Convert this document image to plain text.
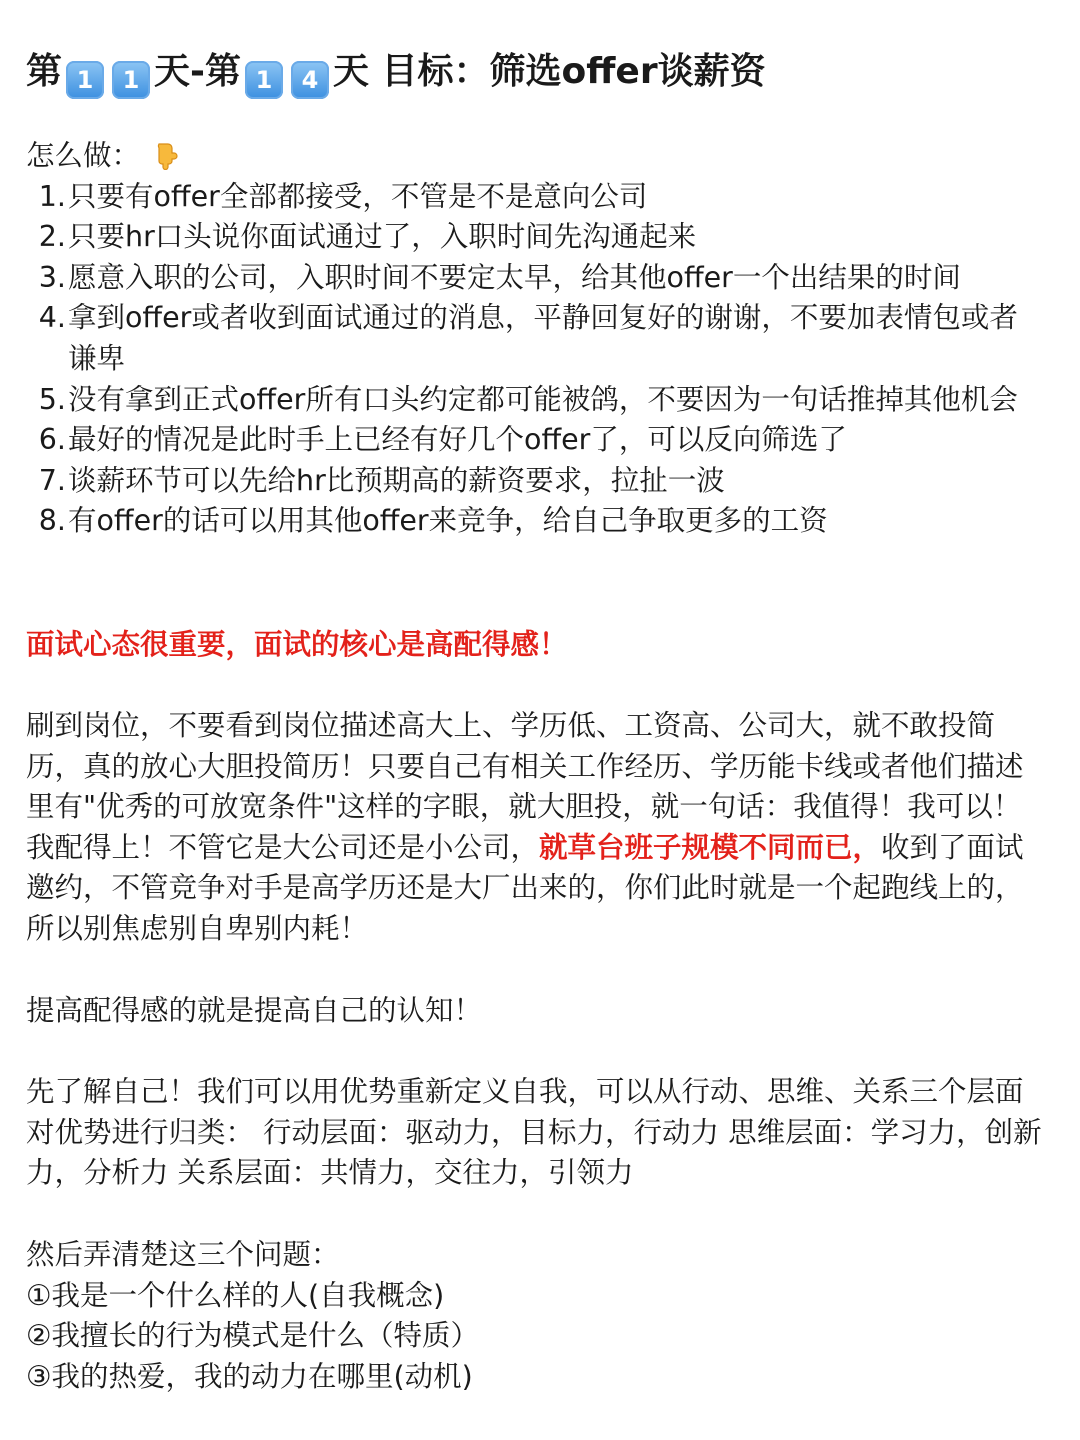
第 1 1 天-第 1 4 天 目标：筛选offer谈薪资
怎么做：
1. 只要有offer全部都接受，不管是不是意向公司
2. 只要hr口头说你面试通过了，入职时间先沟通起来
3. 愿意入职的公司，入职时间不要定太早，给其他offer一个出结果的时间
4. 拿到offer或者收到面试通过的消息，平静回复好的谢谢，不要加表情包或者谦卑
5. 没有拿到正式offer所有口头约定都可能被鸽，不要因为一句话推掉其他机会
6. 最好的情况是此时手上已经有好几个offer了，可以反向筛选了
7. 谈薪环节可以先给hr比预期高的薪资要求，拉扯一波
8. 有offer的话可以用其他offer来竞争，给自己争取更多的工资
面试心态很重要，面试的核心是高配得感！

刷到岗位，不要看到岗位描述高大上、学历低、工资高、公司大，就不敢投简历，真的放心大胆投简历！只要自己有相关工作经历、学历能卡线或者他们描述里有"优秀的可放宽条件"这样的字眼，就大胆投，就一句话：我值得！我可以！我配得上！不管它是大公司还是小公司，就草台班子规模不同而已，收到了面试邀约，不管竞争对手是高学历还是大厂出来的，你们此时就是一个起跑线上的，所以别焦虑别自卑别内耗！

提高配得感的就是提高自己的认知！

先了解自己！我们可以用优势重新定义自我，可以从行动、思维、关系三个层面对优势进行归类： 行动层面：驱动力，目标力，行动力 思维层面：学习力，创新力，分析力 关系层面：共情力，交往力，引领力

然后弄清楚这三个问题：
①我是一个什么样的人(自我概念)
②我擅长的行为模式是什么（特质）
③我的热爱，我的动力在哪里(动机)
